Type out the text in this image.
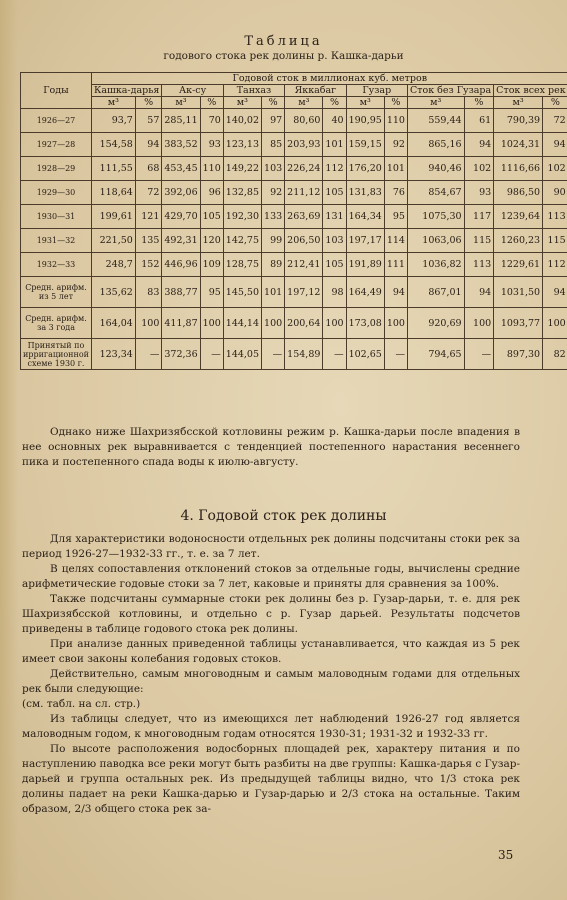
Таблица
годового стока рек долины р. Кашка-дарьи
Годы	Годовой сток в миллионах куб. метров													
	Кашка-дарья		Ак-су		Танхаз		Яккабаг		Гузар		Сток без Гузара		Сток всех рек	
	м³	%	м³	%	м³	%	м³	%	м³	%	м³	%	м³	%
1926—27	93,7	57	285,11	70	140,02	97	80,60	40	190,95	110	559,44	61	790,39	72
1927—28	154,58	94	383,52	93	123,13	85	203,93	101	159,15	92	865,16	94	1024,31	94
1928—29	111,55	68	453,45	110	149,22	103	226,24	112	176,20	101	940,46	102	1116,66	102
1929—30	118,64	72	392,06	96	132,85	92	211,12	105	131,83	76	854,67	93	986,50	90
1930—31	199,61	121	429,70	105	192,30	133	263,69	131	164,34	95	1075,30	117	1239,64	113
1931—32	221,50	135	492,31	120	142,75	99	206,50	103	197,17	114	1063,06	115	1260,23	115
1932—33	248,7	152	446,96	109	128,75	89	212,41	105	191,89	111	1036,82	113	1229,61	112
Средн. арифм. из 5 лет	135,62	83	388,77	95	145,50	101	197,12	98	164,49	94	867,01	94	1031,50	94
Средн. арифм. за 3 года	164,04	100	411,87	100	144,14	100	200,64	100	173,08	100	920,69	100	1093,77	100
Принятый по ирригационной схеме 1930 г.	123,34	—	372,36	—	144,05	—	154,89	—	102,65	—	794,65	—	897,30	82

Однако ниже Шахризябсской котловины режим р. Кашка-дарьи после впадения в нее основных рек выравнивается с тенденцией постепенного нарастания весеннего пика и постепенного спада воды к июлю-августу.

4. Годовой сток рек долины

Для характеристики водоносности отдельных рек долины подсчитаны стоки рек за период 1926-27—1932-33 гг., т. е. за 7 лет.

В целях сопоставления отклонений стоков за отдельные годы, вычислены средние арифметические годовые стоки за 7 лет, каковые и приняты для сравнения за 100%.

Также подсчитаны суммарные стоки рек долины без р. Гузар-дарьи, т. е. для рек Шахризябсской котловины, и отдельно с р. Гузар дарьей. Результаты подсчетов приведены в таблице годового стока рек долины.

При анализе данных приведенной таблицы устанавливается, что каждая из 5 рек имеет свои законы колебания годовых стоков.

Действительно, самым многоводным и самым маловодным годами для отдельных рек были следующие:

(см. табл. на сл. стр.)

Из таблицы следует, что из имеющихся лет наблюдений 1926-27 год является маловодным годом, к многоводным годам относятся 1930-31; 1931-32 и 1932-33 гг.

По высоте расположения водосборных площадей рек, характеру питания и по наступлению паводка все реки могут быть разбиты на две группы: Кашка-дарья с Гузар-дарьей и группа остальных рек. Из предыдущей таблицы видно, что 1/3 стока рек долины падает на реки Кашка-дарью и Гузар-дарью и 2/3 стока на остальные. Таким образом, 2/3 общего стока рек за-

35
